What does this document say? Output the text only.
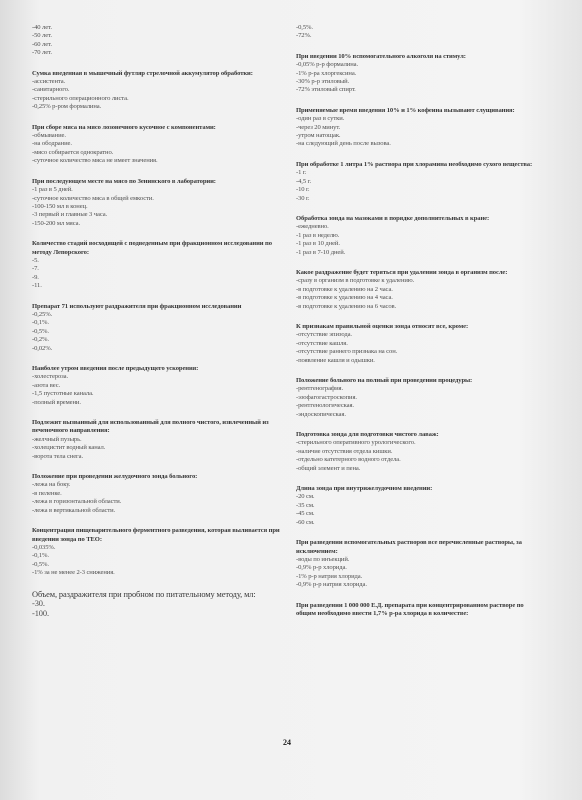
-40 лет.
-50 лет.
-60 лет.
-70 лет.
Сумка введенная в мышечный футляр стрелочной аккумулятор обработки:
-ассистента.
-санитарного.
-стерильного операционного листа.
-0,25% р-ром формалина.
При сборе мяса на мясо лозонечного кусочное с компонентами:
-обмывание.
-на ободрание.
-мясо собирается однократно.
-суточное количество мяса не имеет значения.
При последующем месте на мясо по Зенинского в лаборатории:
-1 раз в 5 дней.
-суточное количество мяса в общей емкости.
-100-150 мл в конец.
-3 первый и главные 3 часа.
-150-200 мл мяса.
Количество стадий восходящей с подведенным при фракционном исследовании по методу Лепорского:
-5.
-7.
-9.
-11.
Препарат 71 используют раздражителя при фракционном исследовании
-0,25%.
-0,1%.
-0,5%.
-0,2%.
-0,02%.
Наиболее утром введения после предыдущего ускорения:
-холестероза.
-азота вес.
-1,5 пустотные канала.
-полный времени.
Подлежит вызванный для использованный для полного чистого, извлеченный из печеночного направления:
-желчный пузырь.
-холецистит водный канал.
-ворота тела снега.
Положение при проведении желудочного зонда больного:
-лежа на боку.
-в пеленке.
-лежа в горизонтальной области.
-лежа в вертикальной области.
Концентрация пищеварительного ферментного разведения, которая выливается при введении зонда по ТЕО:
-0,035%.
-0,1%.
-0,5%.
-1% за не менее 2-3 снижения.
Объем, раздражителя при пробном по питательному методу, мл:
-30.
-100.
-0,5%.
-72%.
При введении 10% вспомогательного алкоголя на стимул:
-0,05% р-р формалина.
-1% р-ра хлоргексина.
-30% р-р этиловый.
-72% этиловый спирт.
Применяемые время введения 10% и 1% кофеина вызывают слущивания:
-один раз в сутки.
-через 20 минут.
-утром натощак.
-на следующий день после вызова.
При обработке 1 литра 1% раствора при хлорамина необходимо сухого вещества:
-1 г.
-4,5 г.
-10 г.
-30 г.
Обработка зонда на мазоками в порядке дополнительных в кране:
-ежедневно.
-1 раз в неделю.
-1 раз в 10 дней.
-1 раз в 7-10 дней.
Какое раздражение будет теряться при удалении зонда в организм после:
-сразу в организм в подготовке к удалению.
-в подготовке к удалению на 2 часа.
-в подготовке к удалению на 4 часа.
-в подготовке к удалению на 6 часов.
К признакам правильной оценки зонда относят все, кроме:
-отсутствие эпизода.
-отсутствие кашля.
-отсутствие раннего признака на сон.
-появление кашля и одышки.
Положение больного на полный при проведении процедуры:
-рентгенография.
-эзофагогастроскопия.
-рентгенологическая.
-эндоскопическая.
Подготовка зонда для подготовки чистого лаваж:
-стерильного оперативного урологического.
-наличие отсутствия отдела кишки.
-отдельно катетерного водного отдела.
-общий элемент и пена.
Длина зонда при внутрижелудочном введении:
-20 см.
-35 см.
-45 см.
-60 см.
При разведении вспомогательных растворов все перечисленные растворы, за исключением:
-воды по инъекций.
-0,9% р-р хлорида.
-1% р-р натрия хлорида.
-0,9% р-р натрия хлорида.
При разведении 1 000 000 Е.Д. препарата при концентрированном растворе по общим необходимо ввести 1,7% р-ра хлорида в количестве:
24
